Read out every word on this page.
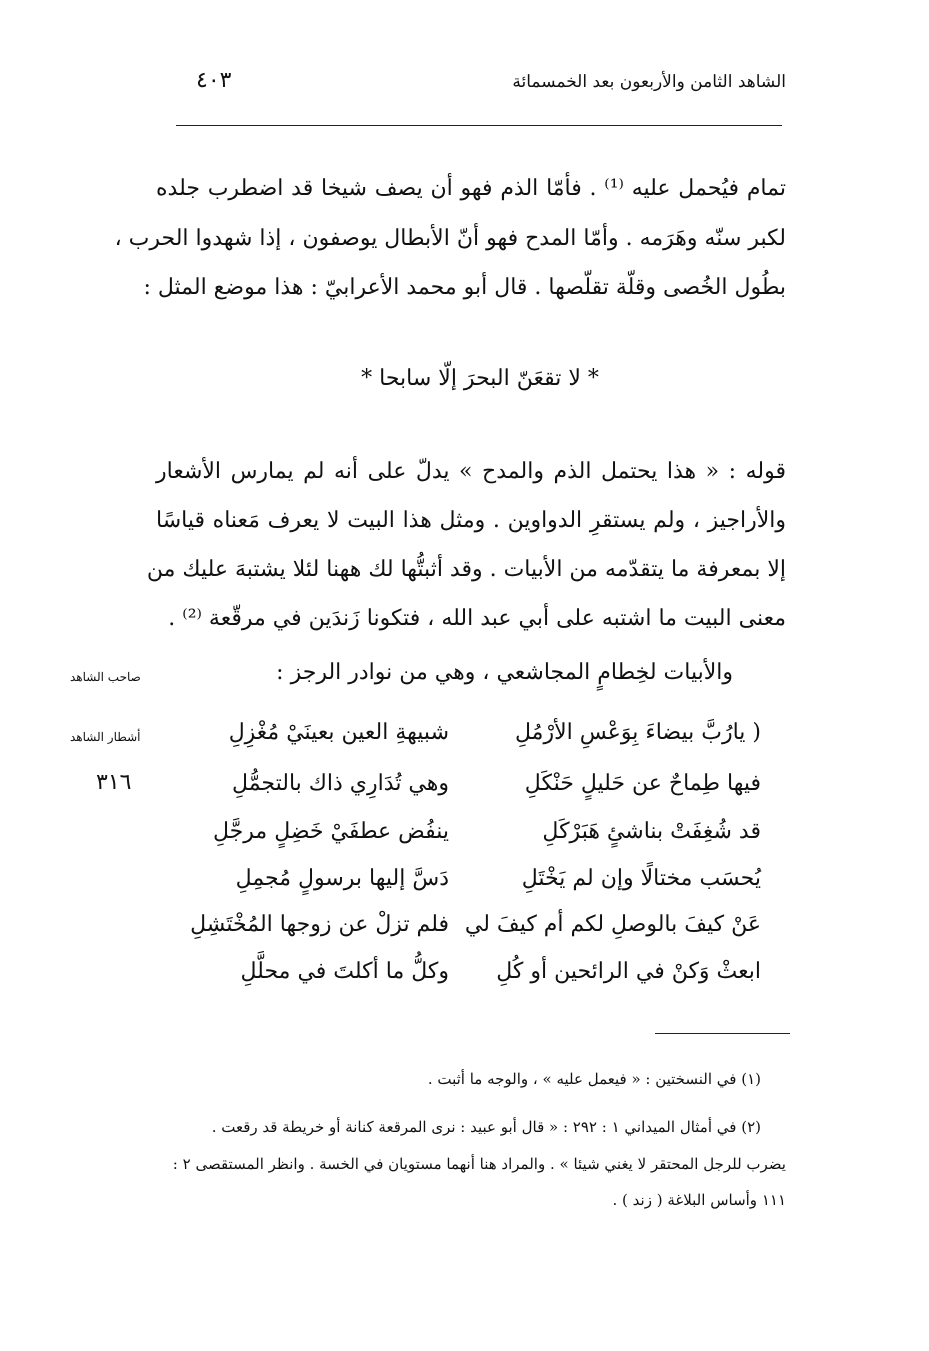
الشاهد الثامن والأربعون بعد الخمسمائة
٤٠٣
تمام فيُحمل عليه ⁽¹⁾ . فأمّا الذم فهو أن يصف شيخا قد اضطرب جلده
لكبر سنّه وهَرَمه . وأمّا المدح فهو أنّ الأبطال يوصفون ، إذا شهدوا الحرب ،
بطُول الخُصى وقلّة تقلّصها . قال أبو محمد الأعرابيّ : هذا موضع المثل :
* لا تقعَنّ البحرَ إلّا سابحا *
قوله : « هذا يحتمل الذم والمدح » يدلّ على أنه لم يمارس الأشعار
والأراجيز ، ولم يستقرِ الدواوين . ومثل هذا البيت لا يعرف مَعناه قياسًا
إلا بمعرفة ما يتقدّمه من الأبيات . وقد أثبتُّها لك ههنا لئلا يشتبهَ عليك من
معنى البيت ما اشتبه على أبي عبد الله ، فتكونا زَندَين في مرقّعة ⁽²⁾ .
والأبيات لخِطامٍ المجاشعي ، وهي من نوادر الرجز :
صاحب الشاهد
أشطار الشاهد
٣١٦
( يارُبَّ بيضاءَ بِوَعْسِ الأرْمُلِ
شبيهةِ العين بعينَيْ مُغْزِلِ
فيها طِماحٌ عن حَليلٍ حَنْكَلِ
وهي تُدَارِي ذاك بالتجمُّلِ
قد شُغِفَتْ بناشئٍ هَبَرْكَلِ
ينفُض عطفَيْ خَضِلٍ مرجَّلِ
يُحسَب مختالًا وإن لم يَخْتَلِ
دَسَّ إليها برسولٍ مُجمِلِ
عَنْ كيفَ بالوصلِ لكم أم كيفَ لي
فلم تزلْ عن زوجها المُخْتَشِلِ
ابعثْ وَكنْ في الرائحين أو كُلِ
وكلُّ ما أكلتَ في محلَّلِ
(١) في النسختين : « فيعمل عليه » ، والوجه ما أثبت .
(٢) في أمثال الميداني ١ : ٢٩٢ : « قال أبو عبيد : نرى المرقعة كنانة أو خريطة قد رقعت .
يضرب للرجل المحتقر لا يغني شيئا » . والمراد هنا أنهما مستويان في الخسة . وانظر المستقصى ٢ :
١١١ وأساس البلاغة ( زند ) .
